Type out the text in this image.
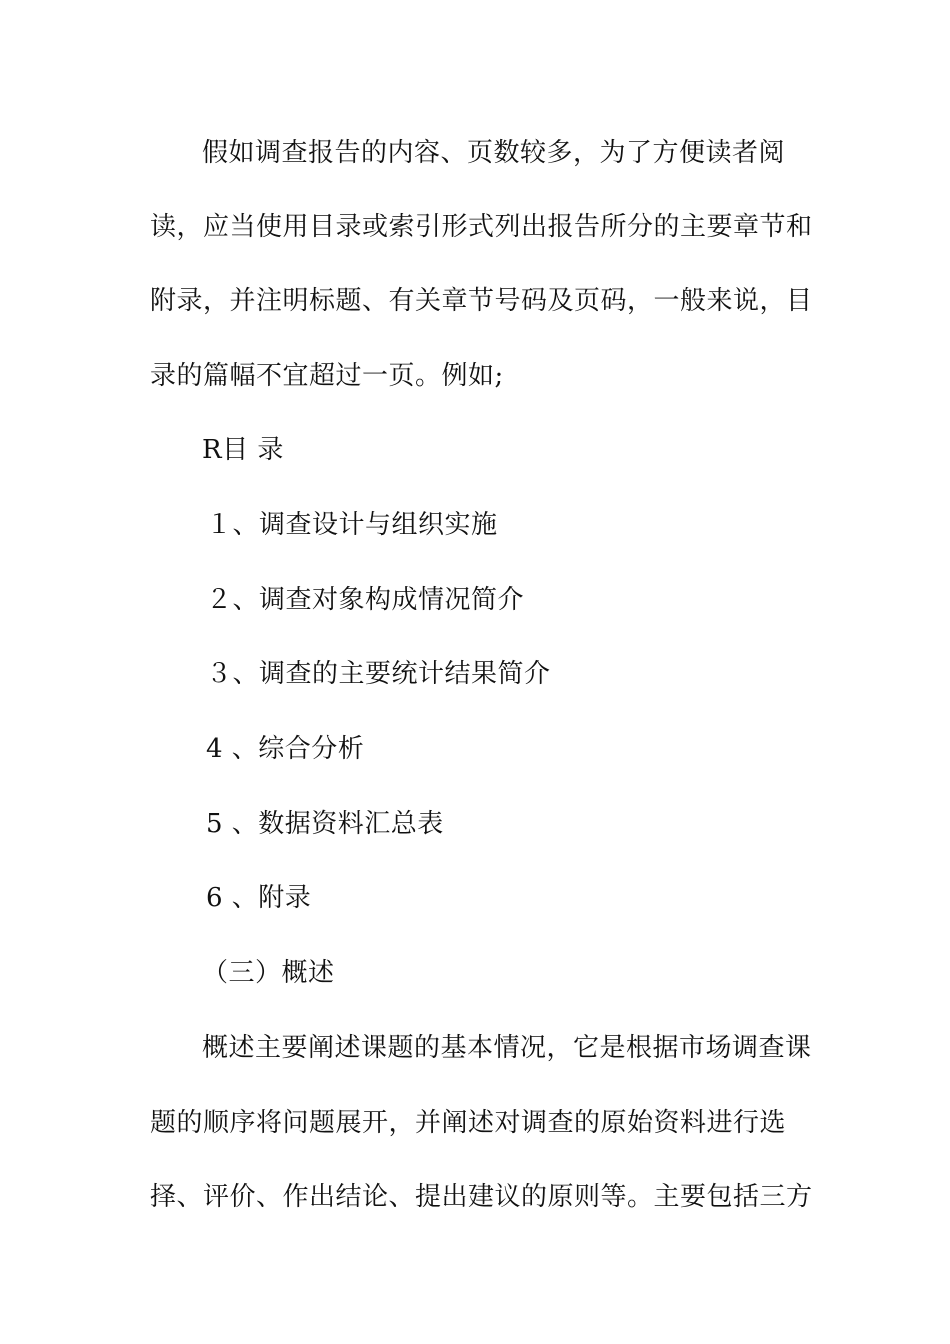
假如调查报告的内容、页数较多，为了方便读者阅
读，应当使用目录或索引形式列出报告所分的主要章节和
附录，并注明标题、有关章节号码及页码，一般来说，目
录的篇幅不宜超过一页。例如;
R目 录
１、调查设计与组织实施
２、调查对象构成情况简介
３、调查的主要统计结果简介
4 、综合分析
5 、数据资料汇总表
6 、附录
（三）概述
概述主要阐述课题的基本情况，它是根据市场调查课
题的顺序将问题展开，并阐述对调查的原始资料进行选
择、评价、作出结论、提出建议的原则等。主要包括三方
